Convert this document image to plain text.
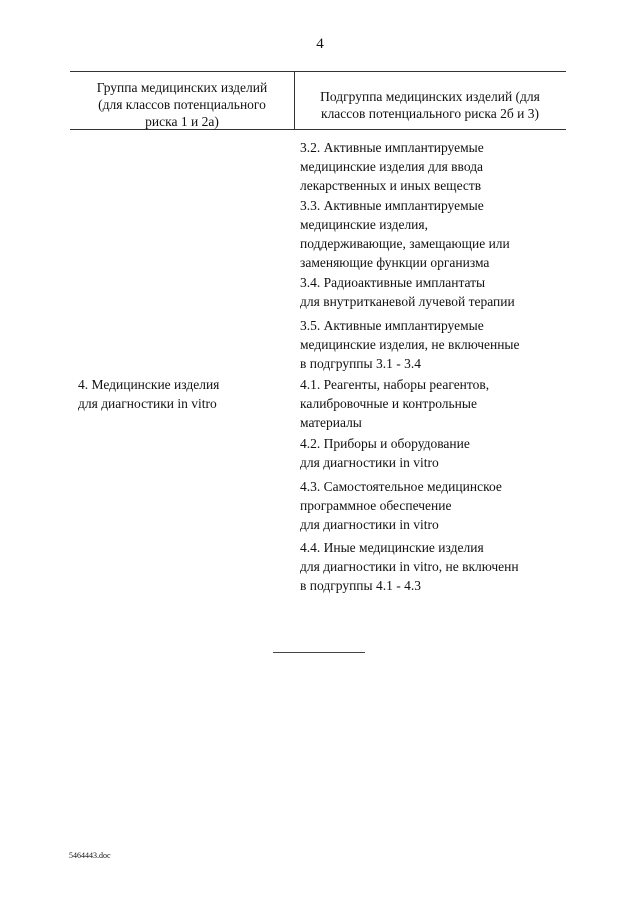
4
Группа медицинских изделий
(для классов потенциального
риска 1 и 2а)
Подгруппа медицинских изделий (для
классов потенциального риска 2б и 3)
3.2. Активные имплантируемые
медицинские изделия для ввода
лекарственных и иных веществ
3.3. Активные имплантируемые
медицинские изделия,
поддерживающие, замещающие или
заменяющие функции организма
3.4. Радиоактивные имплантаты
для внутритканевой лучевой терапии
3.5. Активные имплантируемые
медицинские изделия, не включенные
в подгруппы 3.1 - 3.4
4. Медицинские изделия
для диагностики in vitro
4.1. Реагенты, наборы реагентов,
калибровочные и контрольные
материалы
4.2. Приборы и оборудование
для диагностики in vitro
4.3. Самостоятельное медицинское
программное обеспечение
для диагностики in vitro
4.4. Иные медицинские изделия
для диагностики in vitro, не включенн
в подгруппы 4.1 - 4.3
5464443.doc
